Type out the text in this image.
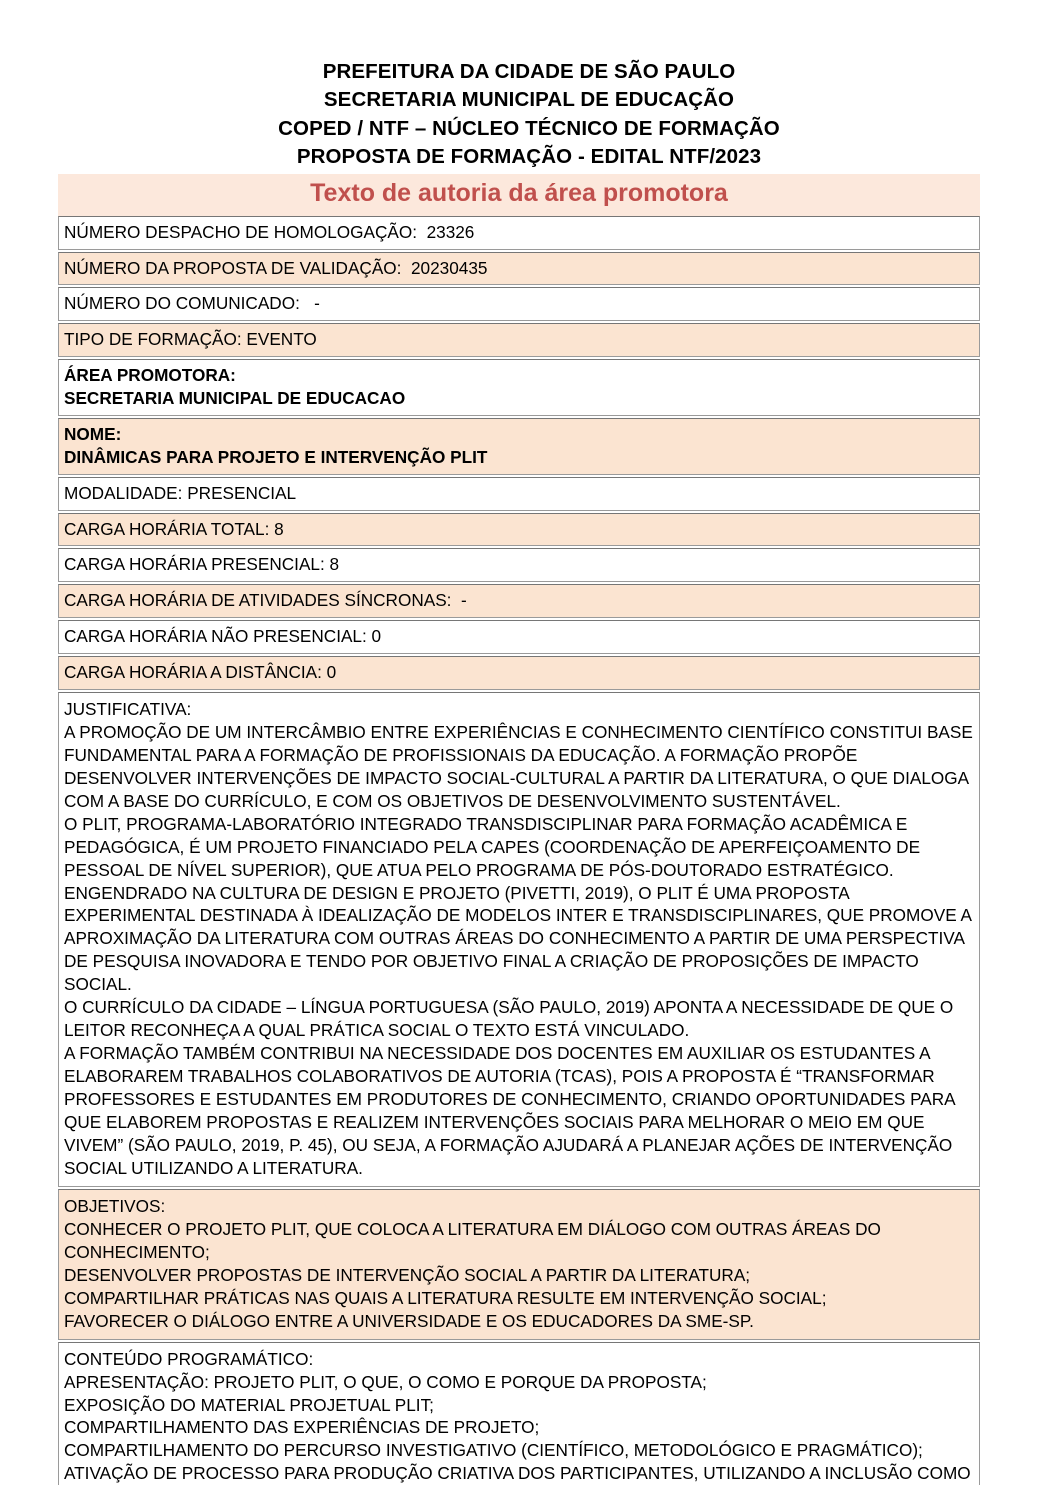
PREFEITURA DA CIDADE DE SÃO PAULO
SECRETARIA MUNICIPAL DE EDUCAÇÃO
COPED / NTF – NÚCLEO TÉCNICO DE FORMAÇÃO
PROPOSTA DE FORMAÇÃO - EDITAL NTF/2023
Texto de autoria da área promotora
NÚMERO DESPACHO DE HOMOLOGAÇÃO:  23326
NÚMERO DA PROPOSTA DE VALIDAÇÃO:  20230435
NÚMERO DO COMUNICADO:   -
TIPO DE FORMAÇÃO: EVENTO
ÁREA PROMOTORA:
SECRETARIA MUNICIPAL DE EDUCACAO
NOME:
DINÂMICAS PARA PROJETO E INTERVENÇÃO PLIT
MODALIDADE: PRESENCIAL
CARGA HORÁRIA TOTAL: 8
CARGA HORÁRIA PRESENCIAL: 8
CARGA HORÁRIA DE ATIVIDADES SÍNCRONAS:  -
CARGA HORÁRIA NÃO PRESENCIAL: 0
CARGA HORÁRIA A DISTÂNCIA: 0
JUSTIFICATIVA:
A PROMOÇÃO DE UM INTERCÂMBIO ENTRE EXPERIÊNCIAS E CONHECIMENTO CIENTÍFICO CONSTITUI BASE FUNDAMENTAL PARA A FORMAÇÃO DE PROFISSIONAIS DA EDUCAÇÃO. A FORMAÇÃO PROPÕE DESENVOLVER INTERVENÇÕES DE IMPACTO SOCIAL-CULTURAL A PARTIR DA LITERATURA, O QUE DIALOGA COM A BASE DO CURRÍCULO, E COM OS OBJETIVOS DE DESENVOLVIMENTO SUSTENTÁVEL.
O PLIT, PROGRAMA-LABORATÓRIO INTEGRADO TRANSDISCIPLINAR PARA FORMAÇÃO ACADÊMICA E PEDAGÓGICA, É UM PROJETO FINANCIADO PELA CAPES (COORDENAÇÃO DE APERFEIÇOAMENTO DE PESSOAL DE NÍVEL SUPERIOR), QUE ATUA PELO PROGRAMA DE PÓS-DOUTORADO ESTRATÉGICO. ENGENDRADO NA CULTURA DE DESIGN E PROJETO (PIVETTI, 2019), O PLIT É UMA PROPOSTA EXPERIMENTAL DESTINADA À IDEALIZAÇÃO DE MODELOS INTER E TRANSDISCIPLINARES, QUE PROMOVE A APROXIMAÇÃO DA LITERATURA COM OUTRAS ÁREAS DO CONHECIMENTO A PARTIR DE UMA PERSPECTIVA DE PESQUISA INOVADORA E TENDO POR OBJETIVO FINAL A CRIAÇÃO DE PROPOSIÇÕES DE IMPACTO SOCIAL.
O CURRÍCULO DA CIDADE – LÍNGUA PORTUGUESA (SÃO PAULO, 2019) APONTA A NECESSIDADE DE QUE O LEITOR RECONHEÇA A QUAL PRÁTICA SOCIAL O TEXTO ESTÁ VINCULADO.
A FORMAÇÃO TAMBÉM CONTRIBUI NA NECESSIDADE DOS DOCENTES EM AUXILIAR OS ESTUDANTES A ELABORAREM TRABALHOS COLABORATIVOS DE AUTORIA (TCAS), POIS A PROPOSTA É “TRANSFORMAR PROFESSORES E ESTUDANTES EM PRODUTORES DE CONHECIMENTO, CRIANDO OPORTUNIDADES PARA QUE ELABOREM PROPOSTAS E REALIZEM INTERVENÇÕES SOCIAIS PARA MELHORAR O MEIO EM QUE VIVEM” (SÃO PAULO, 2019, P. 45), OU SEJA, A FORMAÇÃO AJUDARÁ A PLANEJAR AÇÕES DE INTERVENÇÃO SOCIAL UTILIZANDO A LITERATURA.
OBJETIVOS:
CONHECER O PROJETO PLIT, QUE COLOCA A LITERATURA EM DIÁLOGO COM OUTRAS ÁREAS DO CONHECIMENTO;
DESENVOLVER PROPOSTAS DE INTERVENÇÃO SOCIAL A PARTIR DA LITERATURA;
COMPARTILHAR PRÁTICAS NAS QUAIS A LITERATURA RESULTE EM INTERVENÇÃO SOCIAL;
FAVORECER O DIÁLOGO ENTRE A UNIVERSIDADE E OS EDUCADORES DA SME-SP.
CONTEÚDO PROGRAMÁTICO:
APRESENTAÇÃO: PROJETO PLIT, O QUE, O COMO E PORQUE DA PROPOSTA;
EXPOSIÇÃO DO MATERIAL PROJETUAL PLIT;
COMPARTILHAMENTO DAS EXPERIÊNCIAS DE PROJETO;
COMPARTILHAMENTO DO PERCURSO INVESTIGATIVO (CIENTÍFICO, METODOLÓGICO E PRAGMÁTICO);
ATIVAÇÃO DE PROCESSO PARA PRODUÇÃO CRIATIVA DOS PARTICIPANTES, UTILIZANDO A INCLUSÃO COMO
